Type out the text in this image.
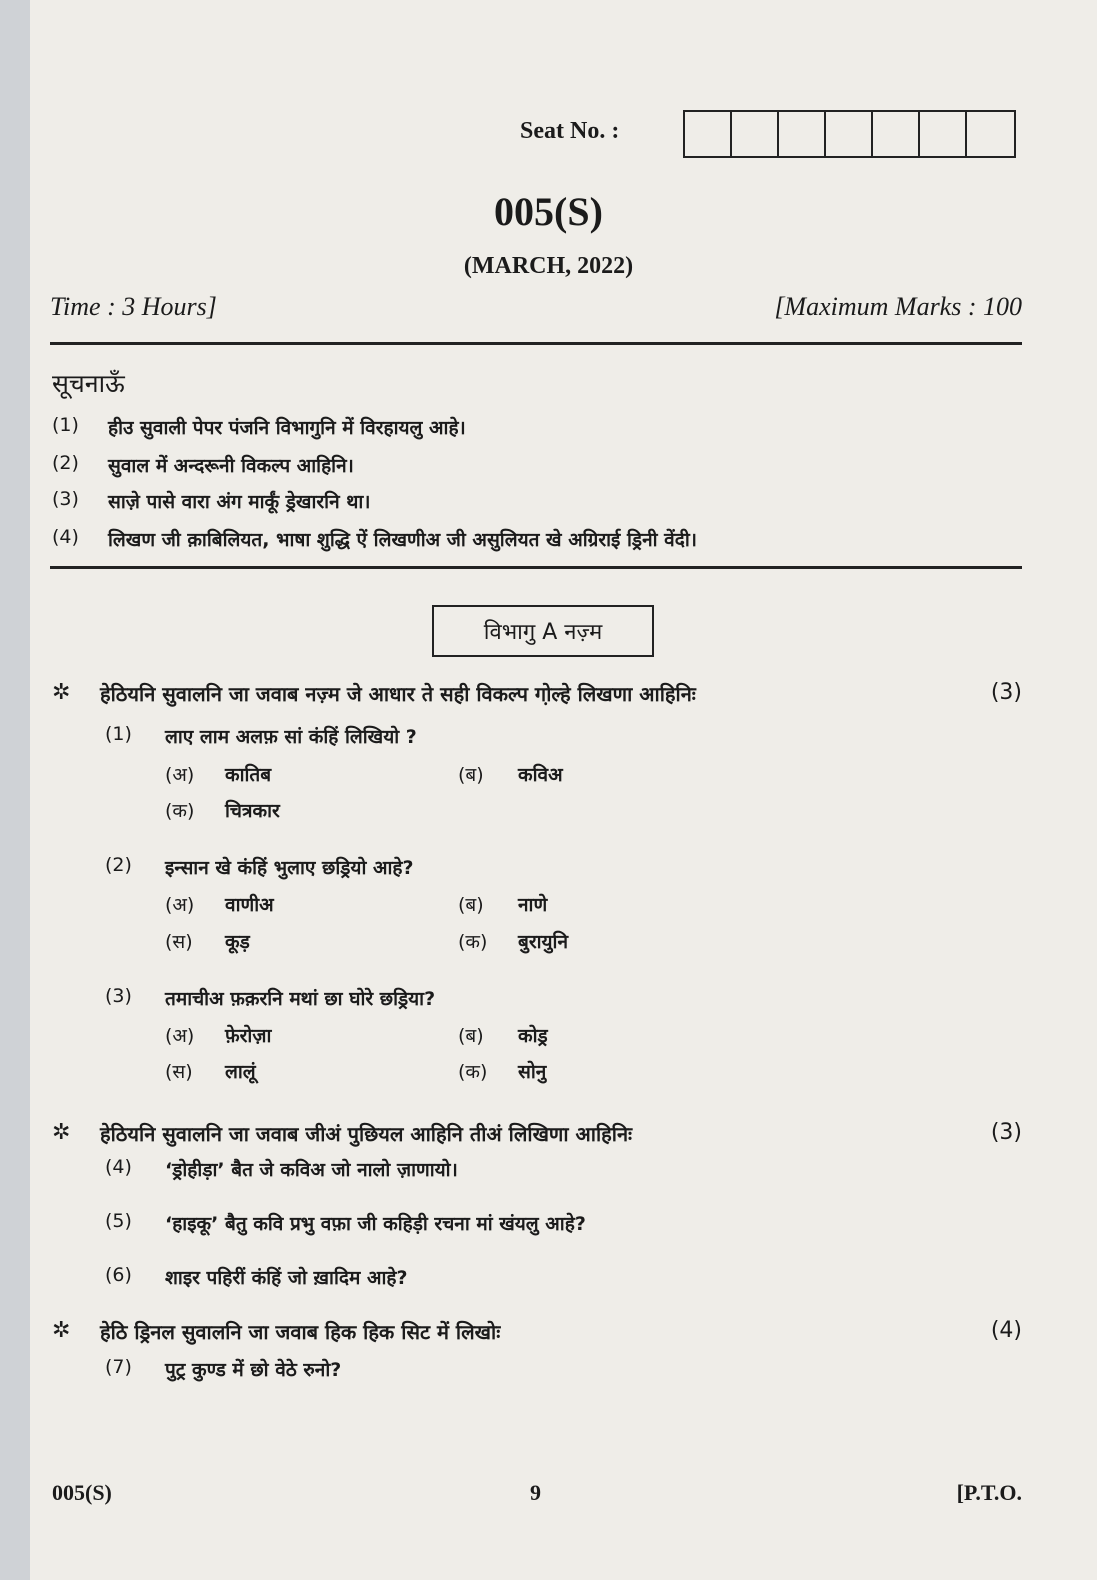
Seat No. :
005(S)
(MARCH, 2022)
Time : 3 Hours]	[Maximum Marks : 100
सूचनाऊँ
(1)	हीउ सुवाली पेपर पंजनि विभागुनि में विरहायलु आहे।
(2)	सुवाल में अन्दरूनी विकल्प आहिनि।
(3)	साजे़ पासे वारा अंग मार्कूं ड्रेखारनि था।
(4)	लिखण जी क़ाबिलियत, भाषा शुद्धि ऐं लिखणीअ जी असुलियत खे अग्रिराई ड्रिनी वेंदी।
विभागु A नज़्म
✲	हेठियनि सुवालनि जा जवाब नज़्म जे आधार ते सही विकल्प गो़ल्हे लिखणा आहिनिः	(3)
(1)	लाए लाम अलफ़ सां कंहिं लिखियो ?
(अ)	कातिब	(ब)	कविअ
(क)	चित्रकार
(2)	इन्सान खे कंहिं भुलाए छड्रियो आहे?
(अ)	वाणीअ	(ब)	नाणे
(स)	कूड़	(क)	बुरायुनि
(3)	तमाचीअ फ़क़रनि मथां छा घोरे छड्रिया?
(अ)	फ़ेरोज़ा	(ब)	कोड्र
(स)	लालूं	(क)	सोनु
✲	हेठियनि सुवालनि जा जवाब जीअं पुछियल आहिनि तीअं लिखिणा आहिनिः	(3)
(4)	‘ड्रोहीड़ा’ बैत जे कविअ जो नालो ज़ाणायो।
(5)	‘हाइकू’ बैतु कवि प्रभु वफ़ा जी कहिड़ी रचना मां खंयलु आहे?
(6)	शाइर पहिरीं कंहिं जो ख़ादिम आहे?
✲	हेठि ड्रिनल सुवालनि जा जवाब हिक हिक सिट में लिखोः	(4)
(7)	पुट्र कुण्ड में छो वेठे रुनो?
005(S)	9	[P.T.O.
